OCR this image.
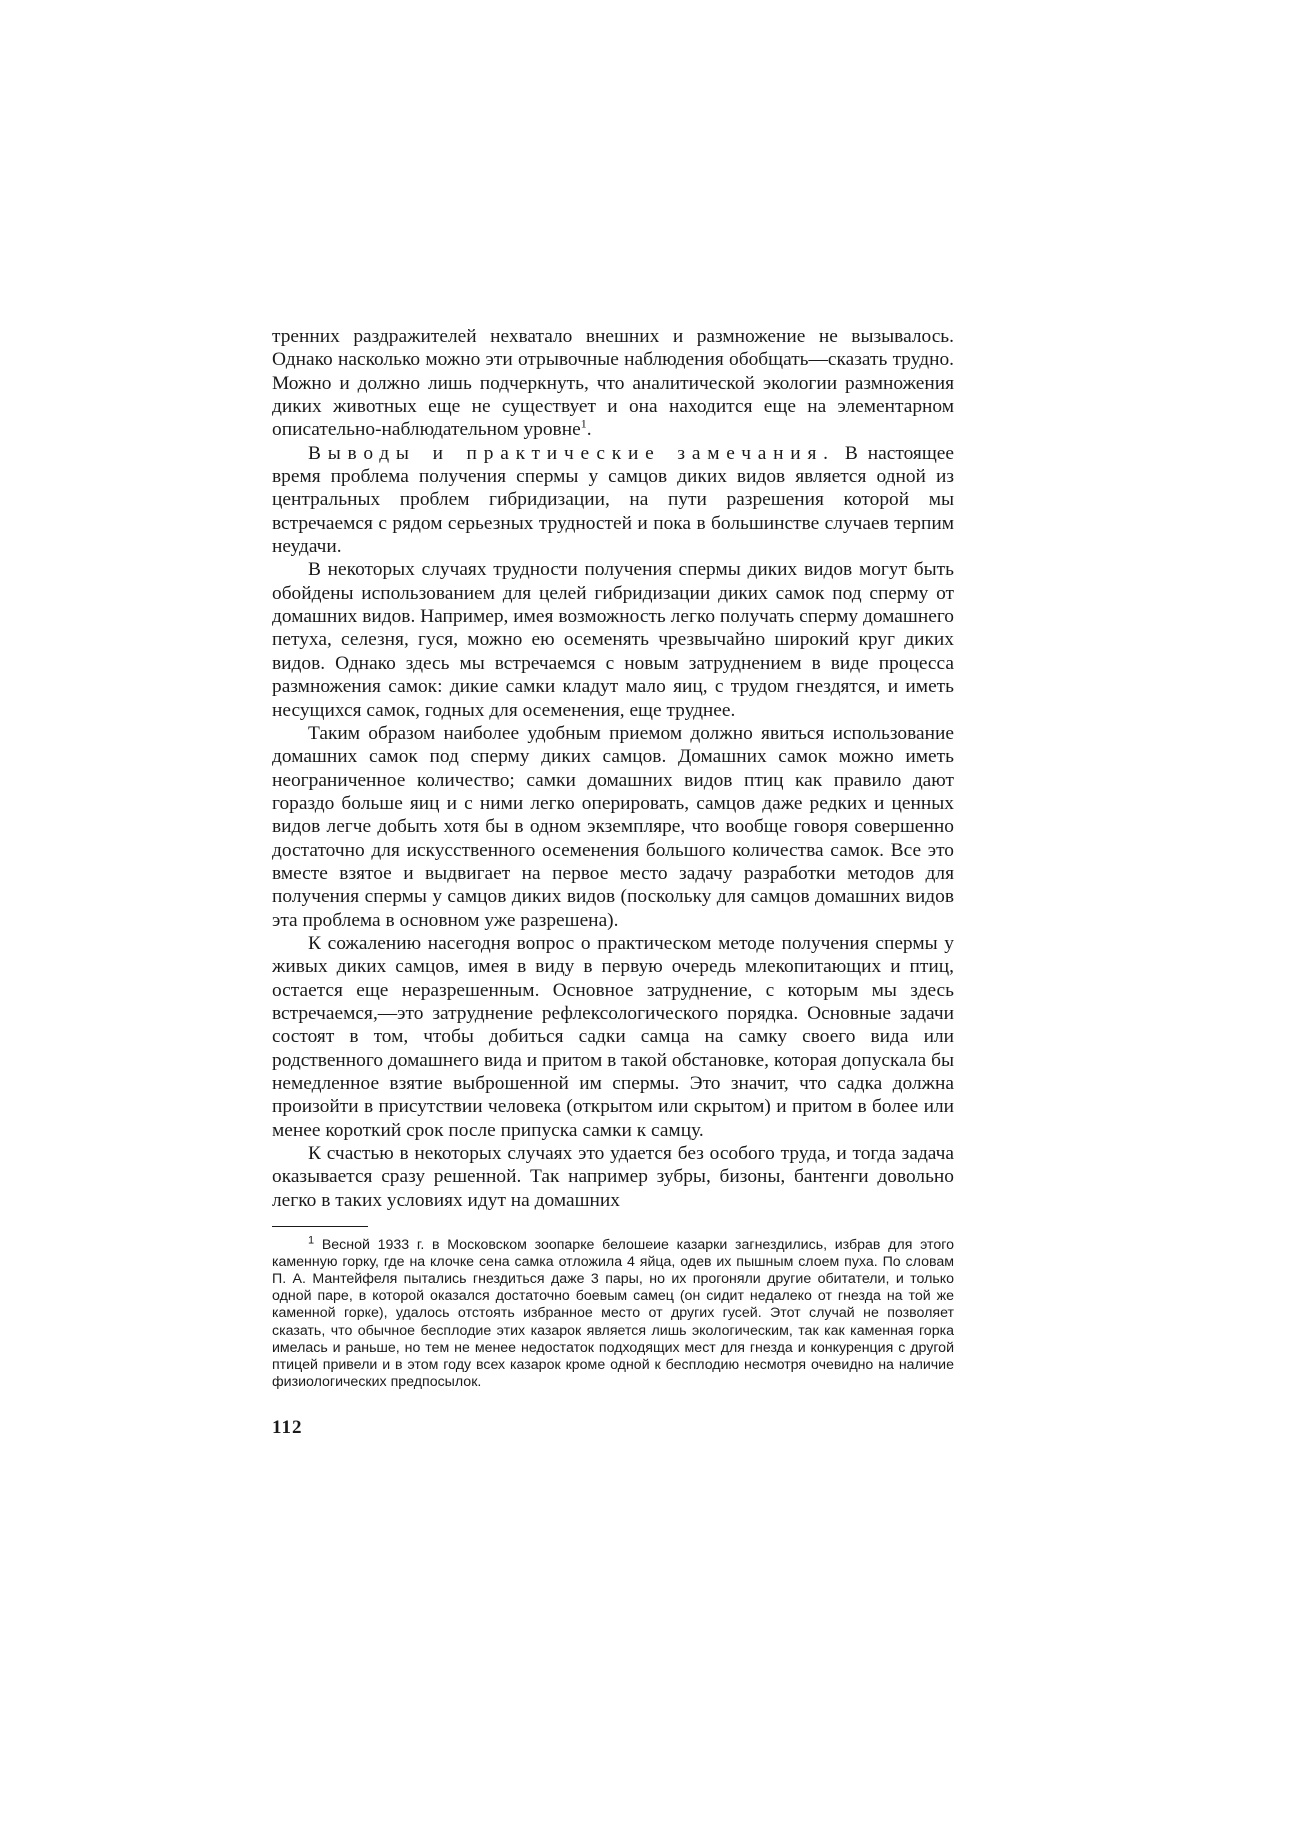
тренних раздражителей нехватало внешних и размножение не вызывалось. Однако насколько можно эти отрывочные наблюдения обобщать—сказать трудно. Можно и должно лишь подчеркнуть, что аналитической экологии размножения диких животных еще не существует и она находится еще на элементарном описательно-наблюдательном уровне$^1$.

Выводы и практические замечания. В настоящее время проблема получения спермы у самцов диких видов является одной из центральных проблем гибридизации, на пути разрешения которой мы встречаемся с рядом серьезных трудностей и пока в большинстве случаев терпим неудачи.

В некоторых случаях трудности получения спермы диких видов могут быть обойдены использованием для целей гибридизации диких самок под сперму от домашних видов. Например, имея возможность легко получать сперму домашнего петуха, селезня, гуся, можно ею осеменять чрезвычайно широкий круг диких видов. Однако здесь мы встречаемся с новым затруднением в виде процесса размножения самок: дикие самки кладут мало яиц, с трудом гнездятся, и иметь несущихся самок, годных для осеменения, еще труднее.

Таким образом наиболее удобным приемом должно явиться использование домашних самок под сперму диких самцов. Домашних самок можно иметь неограниченное количество; самки домашних видов птиц как правило дают гораздо больше яиц и с ними легко оперировать, самцов даже редких и ценных видов легче добыть хотя бы в одном экземпляре, что вообще говоря совершенно достаточно для искусственного осеменения большого количества самок. Все это вместе взятое и выдвигает на первое место задачу разработки методов для получения спермы у самцов диких видов (поскольку для самцов домашних видов эта проблема в основном уже разрешена).

К сожалению насегодня вопрос о практическом методе получения спермы у живых диких самцов, имея в виду в первую очередь млекопитающих и птиц, остается еще неразрешенным. Основное затруднение, с которым мы здесь встречаемся,—это затруднение рефлексологического порядка. Основные задачи состоят в том, чтобы добиться садки самца на самку своего вида или родственного домашнего вида и притом в такой обстановке, которая допускала бы немедленное взятие выброшенной им спермы. Это значит, что садка должна произойти в присутствии человека (открытом или скрытом) и притом в более или менее короткий срок после припуска самки к самцу.

К счастью в некоторых случаях это удается без особого труда, и тогда задача оказывается сразу решенной. Так например зубры, бизоны, бантенги довольно легко в таких условиях идут на домашних

$^1$ Весной 1933 г. в Московском зоопарке белошеие казарки загнездились, избрав для этого каменную горку, где на клочке сена самка отложила 4 яйца, одев их пышным слоем пуха. По словам П. А. Мантейфеля пытались гнездиться даже 3 пары, но их прогоняли другие обитатели, и только одной паре, в которой оказался достаточно боевым самец (он сидит недалеко от гнезда на той же каменной горке), удалось отстоять избранное место от других гусей. Этот случай не позволяет сказать, что обычное бесплодие этих казарок является лишь экологическим, так как каменная горка имелась и раньше, но тем не менее недостаток подходящих мест для гнезда и конкуренция с другой птицей привели и в этом году всех казарок кроме одной к бесплодию несмотря очевидно на наличие физиологических предпосылок.

112
